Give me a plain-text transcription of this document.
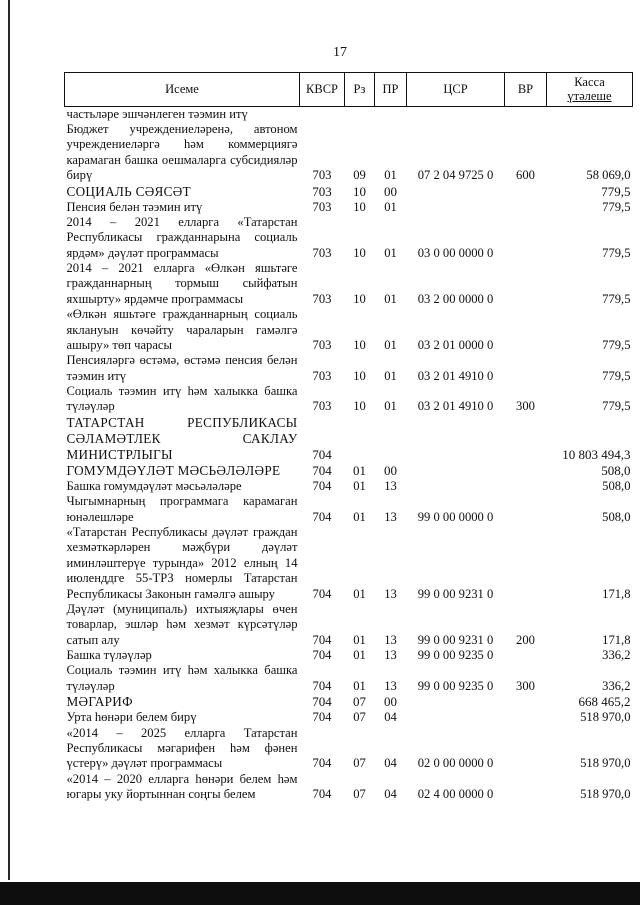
17
Исеме	КВСР	Рз	ПР	ЦСР	ВР	Касса
үтәлеше

частьләре эшчәнлеген тәэмин итү						
Бюджет учреждениеләренә, автоном учреждениеләргә һәм коммерциягә карамаган башка оешмаларга субсидияләр бирү	703	09	01	07 2 04 9725 0	600	58 069,0
СОЦИАЛЬ СӘЯСӘТ	703	10	00			779,5
Пенсия белән тәэмин итү	703	10	01			779,5
2014 – 2021 елларга «Татарстан Республикасы гражданнарына социаль ярдәм» дәүләт программасы	703	10	01	03 0 00 0000 0		779,5
2014 – 2021 елларга «Өлкән яшьтәге гражданнарның тормыш сыйфатын яхшырту» ярдәмче программасы	703	10	01	03 2 00 0000 0		779,5
«Өлкән яшьтәге гражданнарның социаль яклануын көчәйту чараларын гамәлгә ашыру» төп чарасы	703	10	01	03 2 01 0000 0		779,5
Пенсияләргә өстәмә, өстәмә пенсия белән тәэмин итү	703	10	01	03 2 01 4910 0		779,5
Социаль тәэмин итү һәм халыкка башка түләүләр	703	10	01	03 2 01 4910 0	300	779,5
ТАТАРСТАН РЕСПУБЛИКАСЫ СӘЛАМӘТЛЕК САКЛАУ МИНИСТРЛЫГЫ	704					10 803 494,3
ГОМУМДӘҮЛӘТ МӘСЬӘЛӘЛӘРЕ	704	01	00			508,0
Башка гомумдәүләт мәсьәләләре	704	01	13			508,0
Чыгымнарның программага карамаган юнәлешләре	704	01	13	99 0 00 0000 0		508,0
«Татарстан Республикасы дәүләт граждан хезмәткәрләрен мәҗбүри дәүләт иминләштерүе турында» 2012 елның 14 июленддге 55-ТРЗ номерлы Татарстан Республикасы Законын гамәлгә ашыру	704	01	13	99 0 00 9231 0		171,8
Дәүләт (муниципаль) ихтыяҗлары өчен товарлар, эшләр һәм хезмәт күрсәтүләр сатып алу	704	01	13	99 0 00 9231 0	200	171,8
Башка түләүләр	704	01	13	99 0 00 9235 0		336,2
Социаль тәэмин итү һәм халыкка башка түләүләр	704	01	13	99 0 00 9235 0	300	336,2
МӘГАРИФ	704	07	00			668 465,2
Урта һөнәри белем бирү	704	07	04			518 970,0
«2014 – 2025 елларга Татарстан Республикасы мәгарифен һәм фәнен үстерү» дәүләт программасы	704	07	04	02 0 00 0000 0		518 970,0
«2014 – 2020 елларга һөнәри белем һәм югары уку йортыннан соңгы белем	704	07	04	02 4 00 0000 0		518 970,0
